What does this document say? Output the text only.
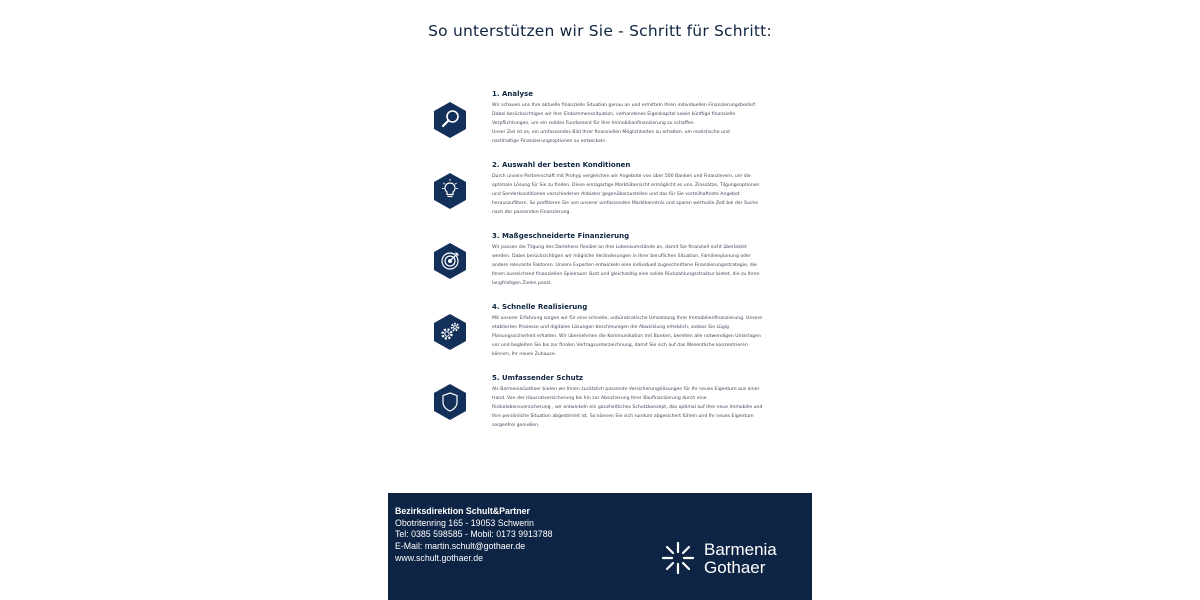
So unterstützen wir Sie - Schritt für Schritt:
1. Analyse
Wir schauen uns Ihre aktuelle finanzielle Situation genau an und ermitteln Ihren individuellen Finanzierungsbedarf.
Dabei berücksichtigen wir Ihre Einkommenssituation, vorhandenes Eigenkapital sowie künftige finanzielle
Verpflichtungen, um ein solides Fundament für Ihre Immobilienfinanzierung zu schaffen.
Unser Ziel ist es, ein umfassendes Bild Ihrer finanziellen Möglichkeiten zu erhalten, um realistische und
nachhaltige Finanzierungsoptionen zu entwickeln.
2. Auswahl der besten Konditionen
Durch unsere Partnerschaft mit Prohyp vergleichen wir Angebote von über 500 Banken und Finanzierern, um die
optimale Lösung für Sie zu finden. Diese einzigartige Marktübersicht ermöglicht es uns, Zinssätze, Tilgungsoptionen
und Sonderkonditionen verschiedener Anbieter gegenüberzustellen und das für Sie vorteilhafteste Angebot
herauszufiltern. So profitieren Sie von unserer umfassenden Marktkenntnis und sparen wertvolle Zeit bei der Suche
nach der passenden Finanzierung.
3. Maßgeschneiderte Finanzierung
Wir passen die Tilgung des Darlehens flexibel an Ihre Lebensumstände an, damit Sie finanziell nicht überlastet
werden. Dabei berücksichtigen wir mögliche Veränderungen in Ihrer beruflichen Situation, Familienplanung oder
andere relevante Faktoren. Unsere Experten entwickeln eine individuell zugeschnittene Finanzierungsstrategie, die
Ihnen ausreichend finanziellen Spielraum lässt und gleichzeitig eine solide Rückzahlungsstruktur bietet, die zu Ihren
langfristigen Zielen passt.
4. Schnelle Realisierung
Mit unserer Erfahrung sorgen wir für eine schnelle, unbürokratische Umsetzung Ihrer Immobilienfinanzierung. Unsere
etablierten Prozesse und digitalen Lösungen beschleunigen die Abwicklung erheblich, sodass Sie zügig
Planungssicherheit erhalten. Wir übernehmen die Kommunikation mit Banken, bereiten alle notwendigen Unterlagen
vor und begleiten Sie bis zur finalen Vertragsunterzeichnung, damit Sie sich auf das Wesentliche konzentrieren
können, Ihr neues Zuhause.
5. Umfassender Schutz
Als BarmeniaGothaer bieten wir Ihnen zusätzlich passende Versicherungslösungen für Ihr neues Eigentum aus einer
Hand. Von der Hausratversicherung bis hin zur Absicherung Ihrer Baufinanzierung durch eine
Risikolebensversicherung , wir entwickeln ein ganzheitliches Schutzkonzept, das optimal auf Ihre neue Immobilie und
Ihre persönliche Situation abgestimmt ist. So können Sie sich rundum abgesichert fühlen und Ihr neues Eigentum
sorgenfrei genießen.
Bezirksdirektion Schult&Partner
Obotritenring 165 - 19053 Schwerin
Tel: 0385 598585 - Mobil: 0173 9913788
E-Mail: martin.schult@gothaer.de
www.schult.gothaer.de	Barmenia
Gothaer
